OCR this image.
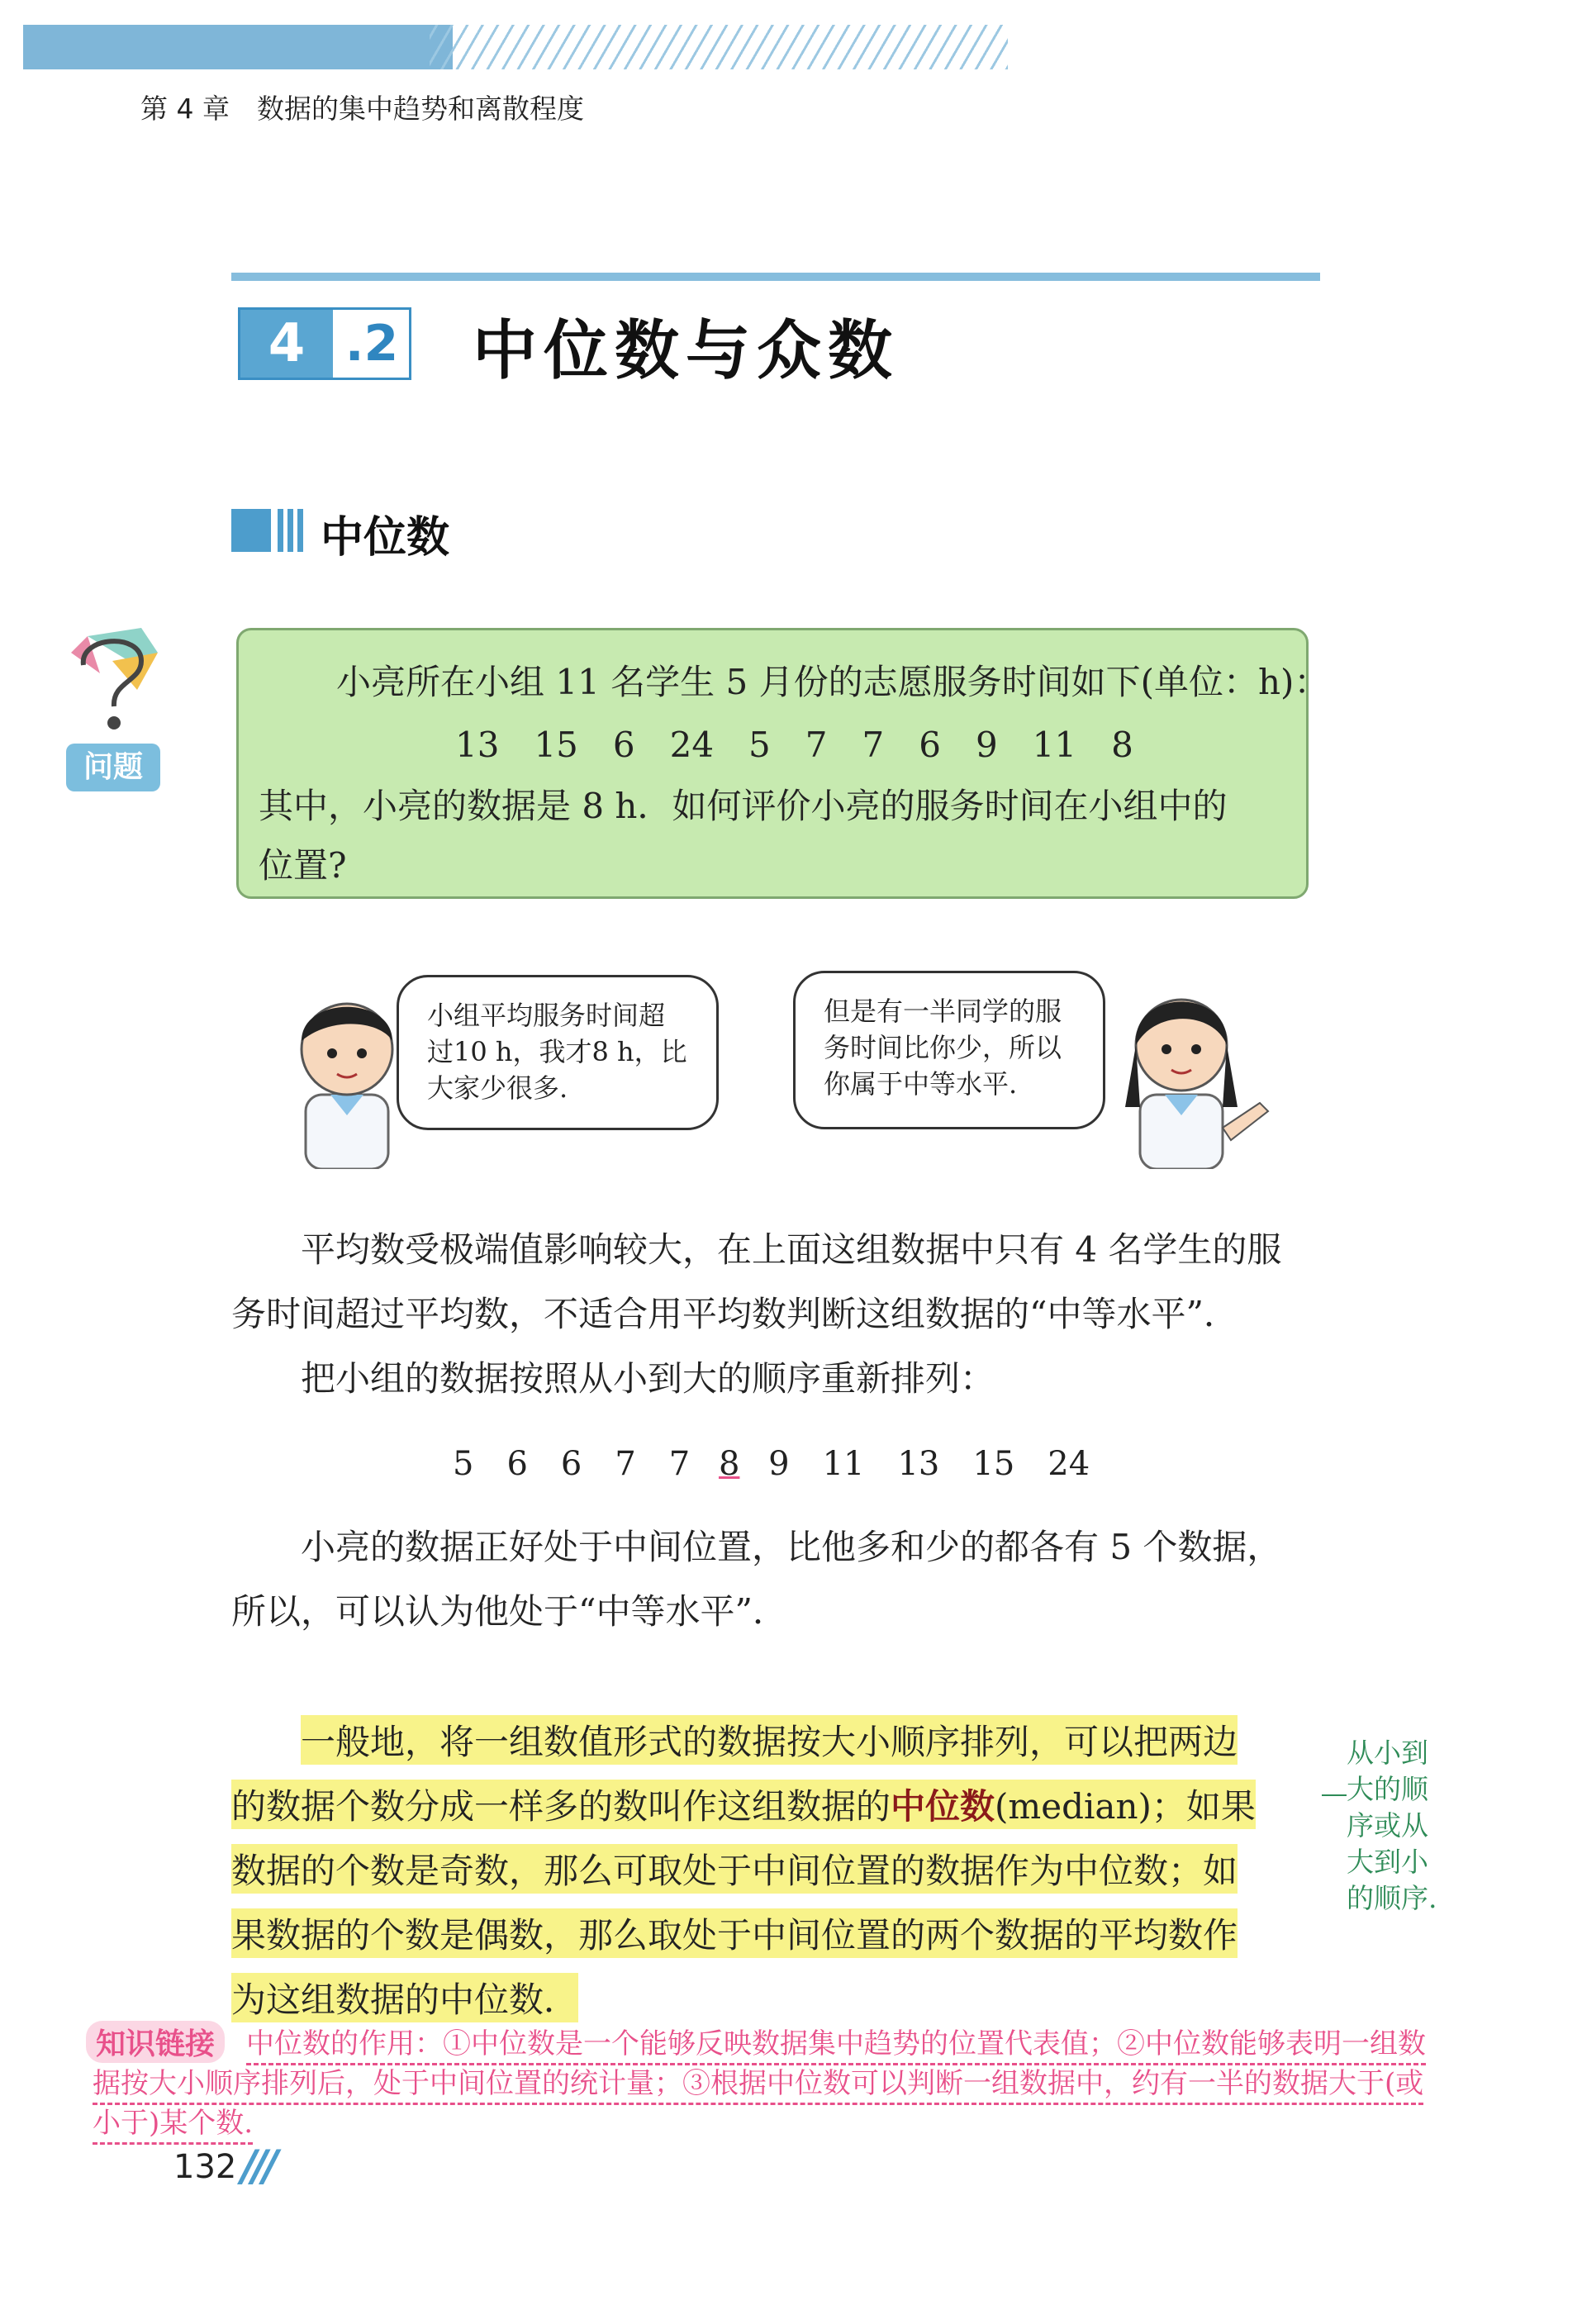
第 4 章　数据的集中趋势和离散程度
4 .2 中位数与众数
中位数
问题
小亮所在小组 11 名学生 5 月份的志愿服务时间如下(单位：h)：
13　15　6　24　5　7　7　6　9　11　8
其中，小亮的数据是 8 h．如何评价小亮的服务时间在小组中的
位置?
小组平均服务时间超过10 h，我才8 h，比大家少很多.
但是有一半同学的服务时间比你少，所以你属于中等水平.
平均数受极端值影响较大，在上面这组数据中只有 4 名学生的服
务时间超过平均数，不适合用平均数判断这组数据的“中等水平”．
把小组的数据按照从小到大的顺序重新排列：
5　6　6　7　7 8 9　11　13　15　24
小亮的数据正好处于中间位置，比他多和少的都各有 5 个数据，
所以，可以认为他处于“中等水平”．
一般地，将一组数值形式的数据按大小顺序排列，可以把两边
的数据个数分成一样多的数叫作这组数据的中位数(median)；如果
数据的个数是奇数，那么可取处于中间位置的数据作为中位数；如
果数据的个数是偶数，那么取处于中间位置的两个数据的平均数作
为这组数据的中位数．
从小到大的顺序或从大到小的顺序.
知识链接	中位数的作用：①中位数是一个能够反映数据集中趋势的位置代表值；②中位数能够表明一组数
据按大小顺序排列后，处于中间位置的统计量；③根据中位数可以判断一组数据中，约有一半的数据大于(或
小于)某个数.
132 ///
